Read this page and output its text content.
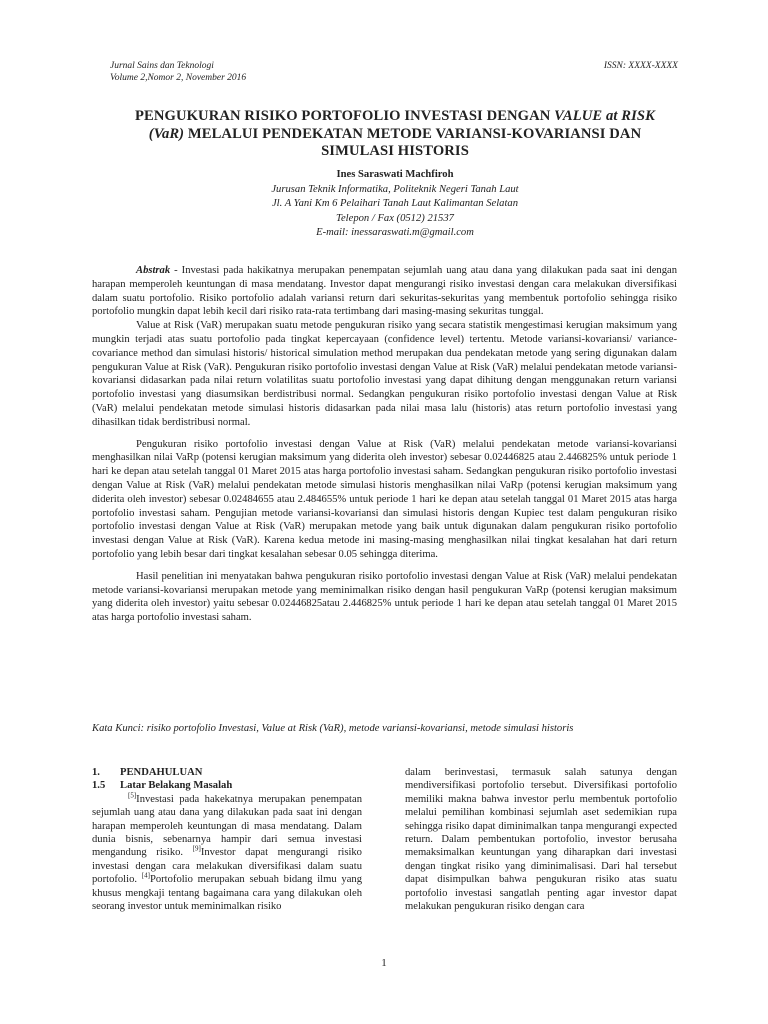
Jurnal Sains dan Teknologi
Volume 2,Nomor 2, November 2016
ISSN: XXXX-XXXX
PENGUKURAN RISIKO PORTOFOLIO INVESTASI DENGAN VALUE at RISK
(VaR) MELALUI PENDEKATAN METODE VARIANSI-KOVARIANSI DAN
SIMULASI HISTORIS
Ines Saraswati Machfiroh
Jurusan Teknik Informatika, Politeknik Negeri Tanah Laut
Jl. A Yani Km 6 Pelaihari Tanah Laut Kalimantan Selatan
Telepon / Fax (0512) 21537
E-mail: inessaraswati.m@gmail.com

Abstrak - Investasi pada hakikatnya merupakan penempatan sejumlah uang atau dana yang dilakukan pada saat ini dengan harapan memperoleh keuntungan di masa mendatang. Investor dapat mengurangi risiko investasi dengan cara melakukan diversifikasi dalam suatu portofolio. Risiko portofolio adalah variansi return dari sekuritas-sekuritas yang membentuk portofolio sehingga risiko portofolio mungkin dapat lebih kecil dari risiko rata-rata tertimbang dari masing-masing sekuritas tunggal.

Value at Risk (VaR) merupakan suatu metode pengukuran risiko yang secara statistik mengestimasi kerugian maksimum yang mungkin terjadi atas suatu portofolio pada tingkat kepercayaan (confidence level) tertentu. Metode variansi-kovariansi/ variance-covariance method dan simulasi historis/ historical simulation method merupakan dua pendekatan metode yang sering digunakan dalam pengukuran Value at Risk (VaR). Pengukuran risiko portofolio investasi dengan Value at Risk (VaR) melalui pendekatan metode variansi-kovariansi didasarkan pada nilai return volatilitas suatu portofolio investasi yang dapat dihitung dengan menggunakan return variansi portofolio investasi yang diasumsikan berdistribusi normal. Sedangkan pengukuran risiko portofolio investasi dengan Value at Risk (VaR) melalui pendekatan metode simulasi historis didasarkan pada nilai masa lalu (historis) atas return portofolio investasi yang dihasilkan tidak berdistribusi normal.

Pengukuran risiko portofolio investasi dengan Value at Risk (VaR) melalui pendekatan metode variansi-kovariansi menghasilkan nilai VaRp (potensi kerugian maksimum yang diderita oleh investor) sebesar 0.02446825 atau 2.446825% untuk periode 1 hari ke depan atau setelah tanggal 01 Maret 2015 atas harga portofolio investasi saham. Sedangkan pengukuran risiko portofolio investasi dengan Value at Risk (VaR) melalui pendekatan metode simulasi historis menghasilkan nilai VaRp (potensi kerugian maksimum yang diderita oleh investor) sebesar 0.02484655 atau 2.484655% untuk periode 1 hari ke depan atau setelah tanggal 01 Maret 2015 atas harga portofolio investasi saham. Pengujian metode variansi-kovariansi dan simulasi historis dengan Kupiec test dalam pengukuran risiko portofolio investasi dengan Value at Risk (VaR) merupakan metode yang baik untuk digunakan dalam pengukuran risiko portofolio investasi dengan Value at Risk (VaR). Karena kedua metode ini masing-masing menghasilkan nilai tingkat kesalahan hat dari return portofolio yang lebih besar dari tingkat kesalahan sebesar 0.05 sehingga diterima.

Hasil penelitian ini menyatakan bahwa pengukuran risiko portofolio investasi dengan Value at Risk (VaR) melalui pendekatan metode variansi-kovariansi merupakan metode yang meminimalkan risiko dengan hasil pengukuran VaRp (potensi kerugian maksimum yang diderita oleh investor) yaitu sebesar 0.02446825atau 2.446825% untuk periode 1 hari ke depan atau setelah tanggal 01 Maret 2015 atas harga portofolio investasi saham.

Kata Kunci: risiko portofolio Investasi, Value at Risk (VaR), metode variansi-kovariansi, metode simulasi historis

1. PENDAHULUAN

1.5 Latar Belakang Masalah

[5]Investasi pada hakekatnya merupakan penempatan sejumlah uang atau dana yang dilakukan pada saat ini dengan harapan memperoleh keuntungan di masa mendatang. Dalam dunia bisnis, sebenarnya hampir dari semua investasi mengandung risiko. [9]Investor dapat mengurangi risiko investasi dengan cara melakukan diversifikasi dalam suatu portofolio. [4]Portofolio merupakan sebuah bidang ilmu yang khusus mengkaji tentang bagaimana cara yang dilakukan oleh seorang investor untuk meminimalkan risiko

dalam berinvestasi, termasuk salah satunya dengan mendiversifikasi portofolio tersebut. Diversifikasi portofolio memiliki makna bahwa investor perlu membentuk portofolio melalui pemilihan kombinasi sejumlah aset sedemikian rupa sehingga risiko dapat diminimalkan tanpa mengurangi expected return. Dalam pembentukan portofolio, investor berusaha memaksimalkan keuntungan yang diharapkan dari investasi dengan tingkat risiko yang diminimalisasi. Dari hal tersebut dapat disimpulkan bahwa pengukuran risiko atas suatu portofolio investasi sangatlah penting agar investor dapat melakukan pengukuran risiko dengan cara

1
